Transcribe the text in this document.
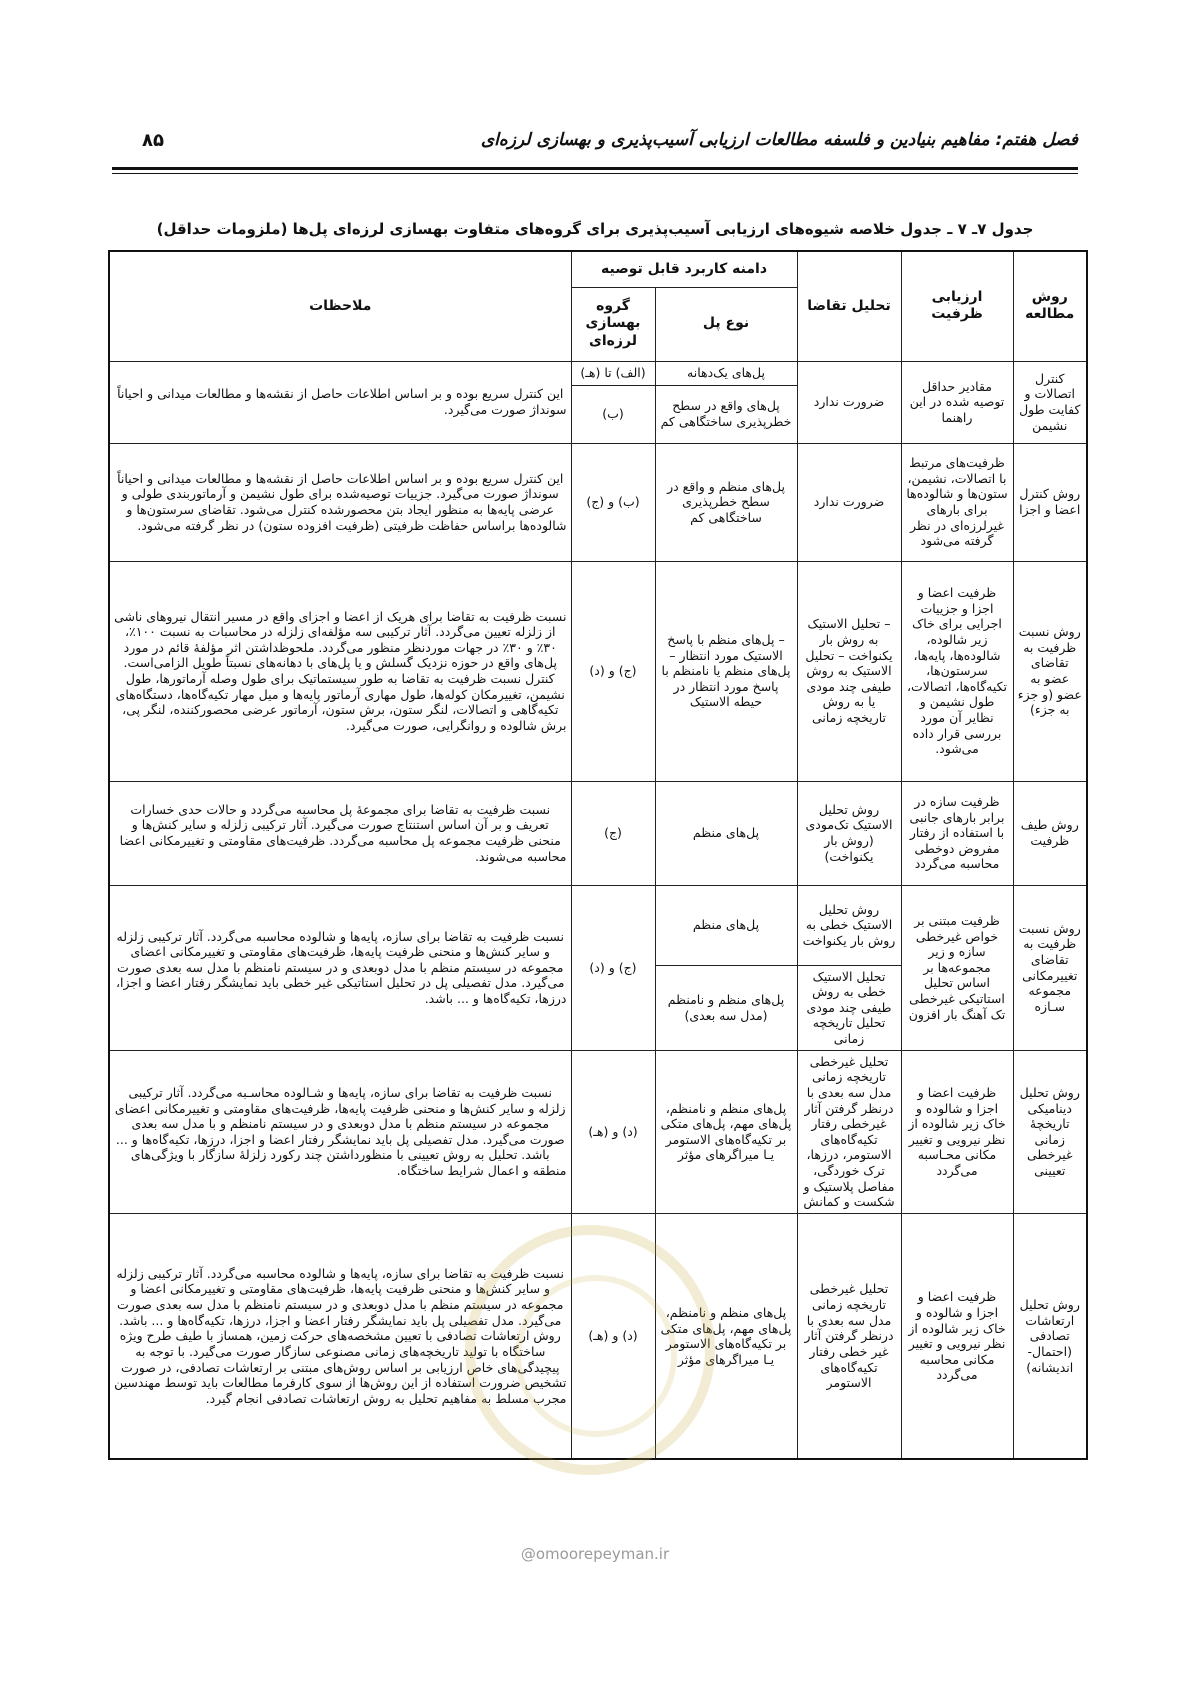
فصل هفتم: مفاهیم بنیادین و فلسفه مطالعات ارزیابی آسیب‌پذیری و بهسازی لرزه‌ای
۸۵
جدول ۷ـ ۷ ـ جدول خلاصه شیوه‌های ارزیابی آسیب‌پذیری برای گروه‌های متفاوت بهسازی لرزه‌ای پل‌ها (ملزومات حداقل)
روش مطالعه	ارزیابی ظرفیت	تحلیل تقاضا	دامنه کاربرد قابل توصیه		ملاحظات
			نوع پل	گروه بهسازی لرزه‌ای	
کنترل اتصالات و کفایت طول نشیمن	مقادیر حداقل توصیه شده در این راهنما	ضرورت ندارد	پل‌های یک‌دهانه	(الف) تا (هـ)	این کنترل سریع بوده و بر اساس اطلاعات حاصل از نقشه‌ها و مطالعات میدانی و احیاناً سونداژ صورت می‌گیرد.
			پل‌های واقع در سطح خطرپذیری ساختگاهی کم	(ب)	
روش کنترل اعضا و اجزا	ظرفیت‌های مرتبط با اتصالات، نشیمن، ستون‌ها و شالوده‌ها برای بارهای غیرلرزه‌ای در نظر گرفته می‌شود	ضرورت ندارد	پل‌های منظم و واقع در سطح خطرپذیری ساختگاهی کم	(ب) و (ج)	این کنترل سریع بوده و بر اساس اطلاعات حاصل از نقشه‌ها و مطالعات میدانی و احیاناً سونداژ صورت می‌گیرد. جزییات توصیه‌شده برای طول نشیمن و آرماتوربندی طولی و عرضی پایه‌ها به منظور ایجاد بتن محصورشده کنترل می‌شود. تقاضای سرستون‌ها و شالوده‌ها براساس حفاظت ظرفیتی (ظرفیت افزوده ستون) در نظر گرفته می‌شود.
روش نسبت ظرفیت به تقاضای عضو به عضو (و جزء به جزء)	ظرفیت اعضا و اجزا و جزییات اجرایی برای خاک زیر شالوده، شالوده‌ها، پایه‌ها، سرستون‌ها، تکیه‌گاه‌ها، اتصالات، طول نشیمن و نظایر آن مورد بررسی قرار داده می‌شود.	– تحلیل الاستیک به روش بار یکنواخت – تحلیل الاستیک به روش طیفی چند مودی یا به روش تاریخچه زمانی	– پل‌های منظم با پاسخ الاستیک مورد انتظار – پل‌های منظم یا نامنظم با پاسخ مورد انتظار در حیطه الاستیک	(ج) و (د)	نسبت ظرفیت به تقاضا برای هریک از اعضا و اجزای واقع در مسیر انتقال نیروهای ناشی از زلزله تعیین می‌گردد. آثار ترکیبی سه مؤلفه‌ای زلزله در محاسبات به نسبت ۱۰۰٪، ۳۰٪ و ۳۰٪ در جهات موردنظر منظور می‌گردد. ملحوظداشتن اثر مؤلفهٔ قائم در مورد پل‌های واقع در حوزه نزدیک گسلش و یا پل‌های با دهانه‌های نسبتاً طویل الزامی‌است. کنترل نسبت ظرفیت به تقاضا به طور سیستماتیک برای طول وصله آرماتورها، طول نشیمن، تغییرمکان کوله‌ها، طول مهاری آرماتور پایه‌ها و میل مهار تکیه‌گاه‌ها، دستگاه‌های تکیه‌گاهی و اتصالات، لنگر ستون، برش ستون، آرماتور عرضی محصورکننده، لنگر پی، برش شالوده و روانگرایی، صورت می‌گیرد.
روش طیف ظرفیت	ظرفیت سازه در برابر بارهای جانبی با استفاده از رفتار مفروض دوخطی محاسبه می‌گردد	روش تحلیل الاستیک تک‌مودی (روش بار یکنواخت)	پل‌های منظم	(ج)	نسبت ظرفیت به تقاضا برای مجموعهٔ پل محاسبه می‌گردد و حالات حدی خسارات تعریف و بر آن اساس استنتاج صورت می‌گیرد. آثار ترکیبی زلزله و سایر کنش‌ها و منحنی ظرفیت مجموعه پل محاسبه می‌گردد. ظرفیت‌های مقاومتی و تغییرمکانی اعضا محاسبه می‌شوند.
روش نسبت ظرفیت به تقاضای تغییرمکانی مجموعه سـازه	ظرفیت مبتنی بر خواص غیرخطی سازه و زیر مجموعه‌ها بر اساس تحلیل استاتیکی غیرخطی تک آهنگ بار افزون	روش تحلیل الاستیک خطی به روش بار یکنواخت	پل‌های منظم	(ج) و (د)	نسبت ظرفیت به تقاضا برای سازه، پایه‌ها و شالوده محاسبه می‌گردد. آثار ترکیبی زلزله و سایر کنش‌ها و منحنی ظرفیت پایه‌ها، ظرفیت‌های مقاومتی و تغییرمکانی اعضای مجموعه در سیستم منظم با مدل دوبعدی و در سیستم نامنظم با مدل سه بعدی صورت می‌گیرد. مدل تفصیلی پل در تحلیل استاتیکی غیر خطی باید نمایشگر رفتار اعضا و اجزا، درزها، تکیه‌گاه‌ها و ... باشد.
		تحلیل الاستیک خطی به روش طیفی چند مودی تحلیل تاریخچه زمانی	پل‌های منظم و نامنظم (مدل سه بعدی)		
روش تحلیل دینامیکی تاریخچهٔ زمانی غیرخطی تعیینی	ظرفیت اعضا و اجزا و شالوده و خاک زیر شالوده از نظر نیرویی و تغییر مکانی محـاسبه می‌گردد	تحلیل غیرخطی تاریخچه زمانی مدل سه بعدی با درنظر گرفتن آثار غیرخطی رفتار تکیه‌گاه‌های الاستومر، درزها، ترک خوردگی، مفاصل پلاستیک و شکست و کمانش	پل‌های منظم و نامنظم، پل‌های مهم، پل‌های متکی بر تکیه‌گاه‌های الاستومر یـا میراگرهای مؤثر	(د) و (هـ)	نسبت ظرفیت به تقاضا برای سازه، پایه‌ها و شـالوده محاسـبه می‌گردد. آثار ترکیبی زلزله و سایر کنش‌ها و منحنی ظرفیت پایه‌ها، ظرفیت‌های مقاومتی و تغییرمکانی اعضای مجموعه در سیستم منظم با مدل دوبعدی و در سیستم نامنظم و با مدل سه بعدی صورت می‌گیرد. مدل تفصیلی پل باید نمایشگر رفتار اعضا و اجزا، درزها، تکیه‌گاه‌ها و ... باشد. تحلیل به روش تعیینی با منظورداشتن چند رکورد زلزلهٔ سازگار با ویژگی‌های منطقه و اعمال شرایط ساختگاه.
روش تحلیل ارتعاشات تصادفی (احتمال-اندیشانه)	ظرفیت اعضا و اجزا و شالوده و خاک زیر شالوده از نظر نیرویی و تغییر مکانی محاسبه می‌گردد	تحلیل غیرخطی تاریخچه زمانی مدل سه بعدی با درنظر گرفتن آثار غیر خطی رفتار تکیه‌گاه‌های الاستومر	پل‌های منظم و نامنظم، پل‌های مهم، پل‌های متکی بر تکیه‌گاه‌های الاستومر یـا میراگرهای مؤثر	(د) و (هـ)	نسبت ظرفیت به تقاضا برای سازه، پایه‌ها و شالوده محاسبه می‌گردد. آثار ترکیبی زلزله و سایر کنش‌ها و منحنی ظرفیت پایه‌ها، ظرفیت‌های مقاومتی و تغییرمکانی اعضا و مجموعه در سیستم منظم با مدل دوبعدی و در سیستم نامنظم با مدل سه بعدی صورت می‌گیرد. مدل تفصیلی پل باید نمایشگر رفتار اعضا و اجزا، درزها، تکیه‌گاه‌ها و ... باشد. روش ارتعاشات تصادفی با تعیین مشخصه‌های حرکت زمین، همساز با طیف طرح ویژه ساختگاه با تولید تاریخچه‌های زمانی مصنوعی سازگار صورت می‌گیرد. با توجه به پیچیدگی‌های خاص ارزیابی بر اساس روش‌های مبتنی بر ارتعاشات تصادفی، در صورت تشخیص ضرورت استفاده از این روش‌ها از سوی کارفرما مطالعات باید توسط مهندسین مجرب مسلط به مفاهیم تحلیل به روش ارتعاشات تصادفی انجام گیرد.
@omoorepeyman.ir
